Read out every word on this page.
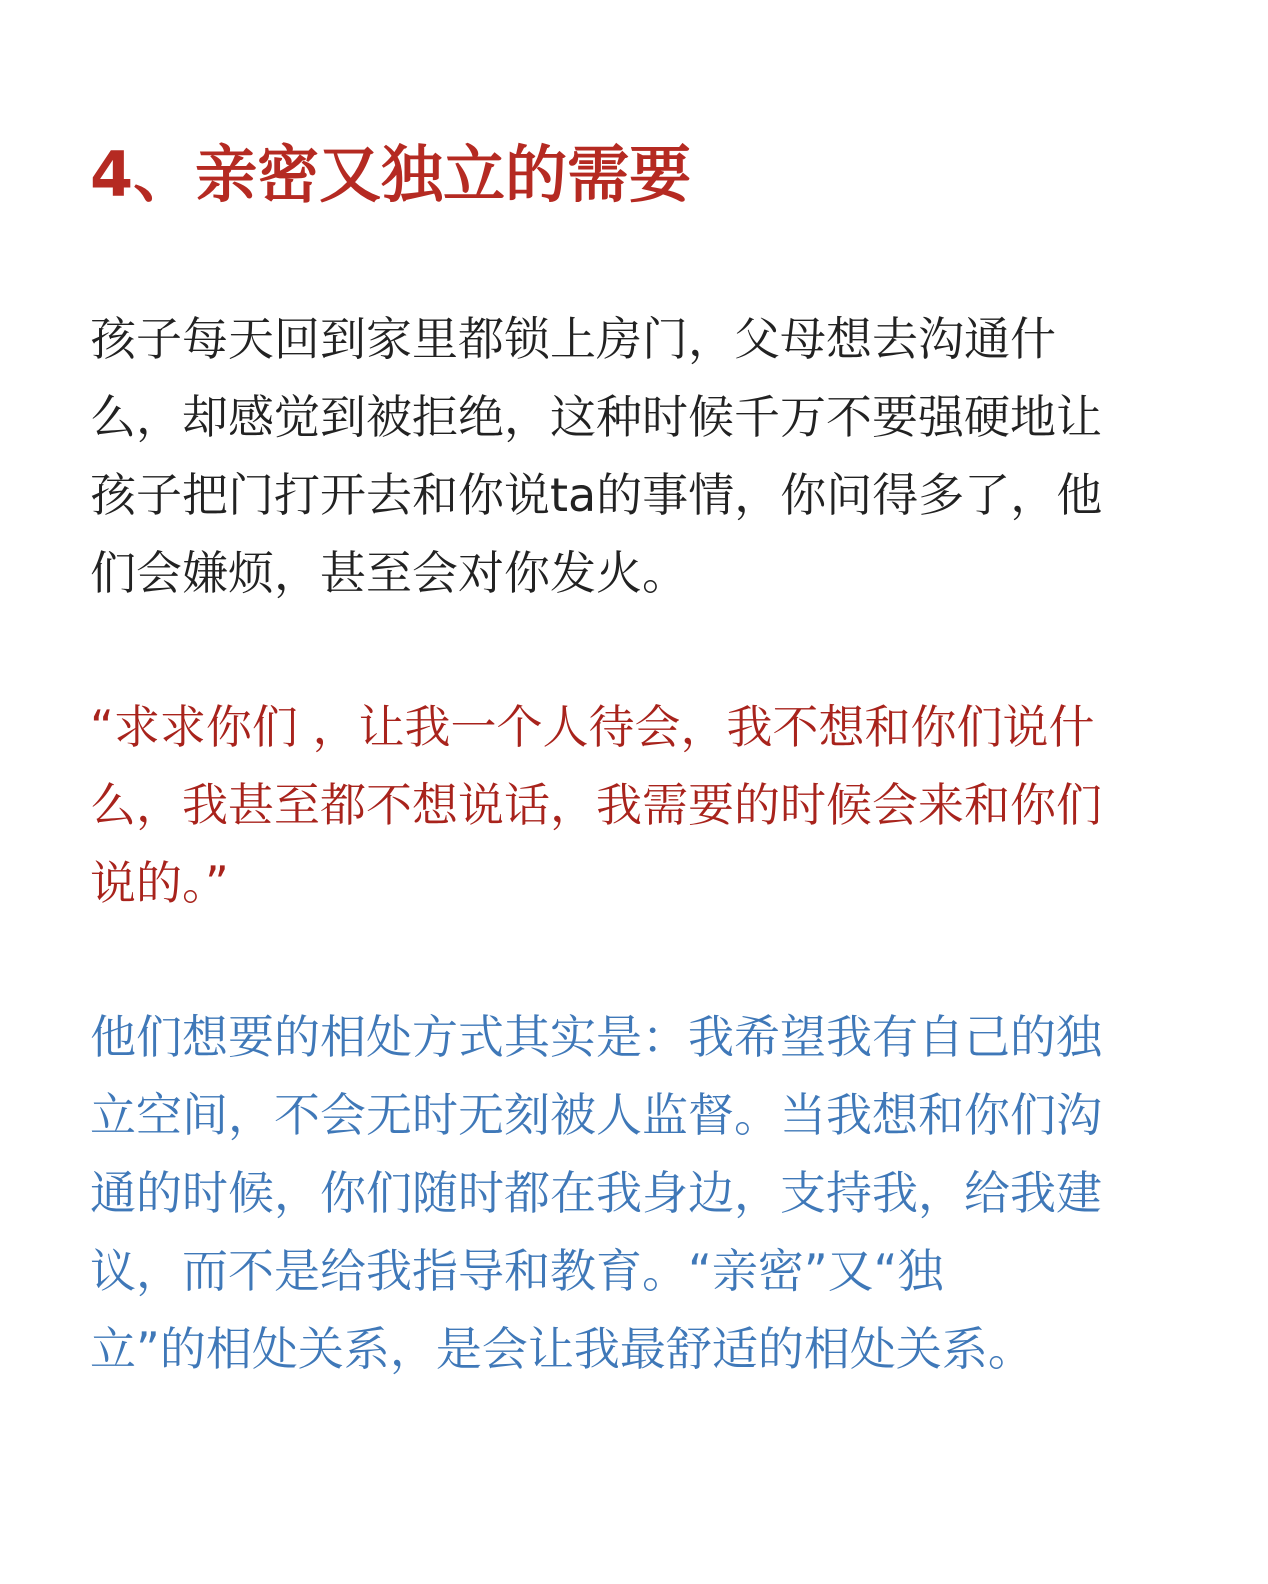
4、亲密又独立的需要

孩子每天回到家里都锁上房门，父母想去沟通什
么，却感觉到被拒绝，这种时候千万不要强硬地让
孩子把门打开去和你说ta的事情，你问得多了，他
们会嫌烦，甚至会对你发火。

“求求你们 ，让我一个人待会，我不想和你们说什
么，我甚至都不想说话，我需要的时候会来和你们
说的。”

他们想要的相处方式其实是：我希望我有自己的独
立空间，不会无时无刻被人监督。当我想和你们沟
通的时候，你们随时都在我身边，支持我，给我建
议，而不是给我指导和教育。“亲密”又“独
立”的相处关系，是会让我最舒适的相处关系。
